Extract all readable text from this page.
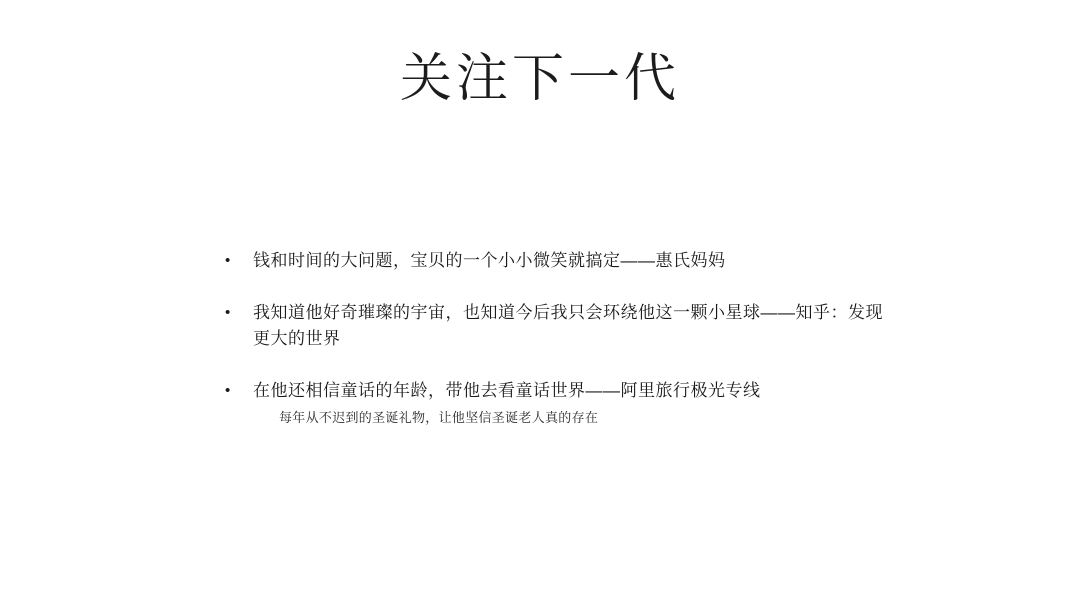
关注下一代
•	钱和时间的大问题，宝贝的一个小小微笑就搞定——惠氏妈妈
•	我知道他好奇璀璨的宇宙，也知道今后我只会环绕他这一颗小星球——知乎：发现更大的世界
•	在他还相信童话的年龄，带他去看童话世界——阿里旅行极光专线
每年从不迟到的圣诞礼物，让他坚信圣诞老人真的存在
